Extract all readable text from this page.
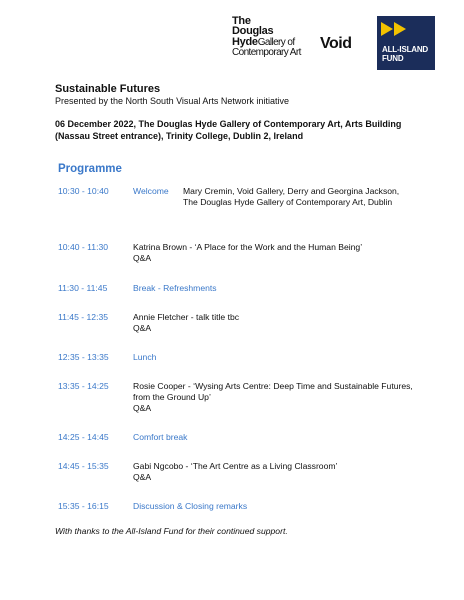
The
Douglas
HydeGallery of
Contemporary Art
Void	ALL-ISLAND
FUND
Sustainable Futures
Presented by the North South Visual Arts Network initiative
06 December 2022, The Douglas Hyde Gallery of Contemporary Art, Arts Building (Nassau Street entrance), Trinity College, Dublin 2, Ireland
Programme
10:30 - 10:40	Welcome Mary Cremin, Void Gallery, Derry and Georgina Jackson, The Douglas Hyde Gallery of Contemporary Art, Dublin
10:40 - 11:30	Katrina Brown - ‘A Place for the Work and the Human Being’
Q&A
11:30 - 11:45	Break - Refreshments
11:45 - 12:35	Annie Fletcher - talk title tbc
Q&A
12:35 - 13:35	Lunch
13:35 - 14:25	Rosie Cooper - ‘Wysing Arts Centre: Deep Time and Sustainable Futures, from the Ground Up’
Q&A
14:25 - 14:45	Comfort break
14:45 - 15:35	Gabi Ngcobo - ‘The Art Centre as a Living Classroom’
Q&A
15:35 - 16:15	Discussion & Closing remarks
With thanks to the All-Island Fund for their continued support.
